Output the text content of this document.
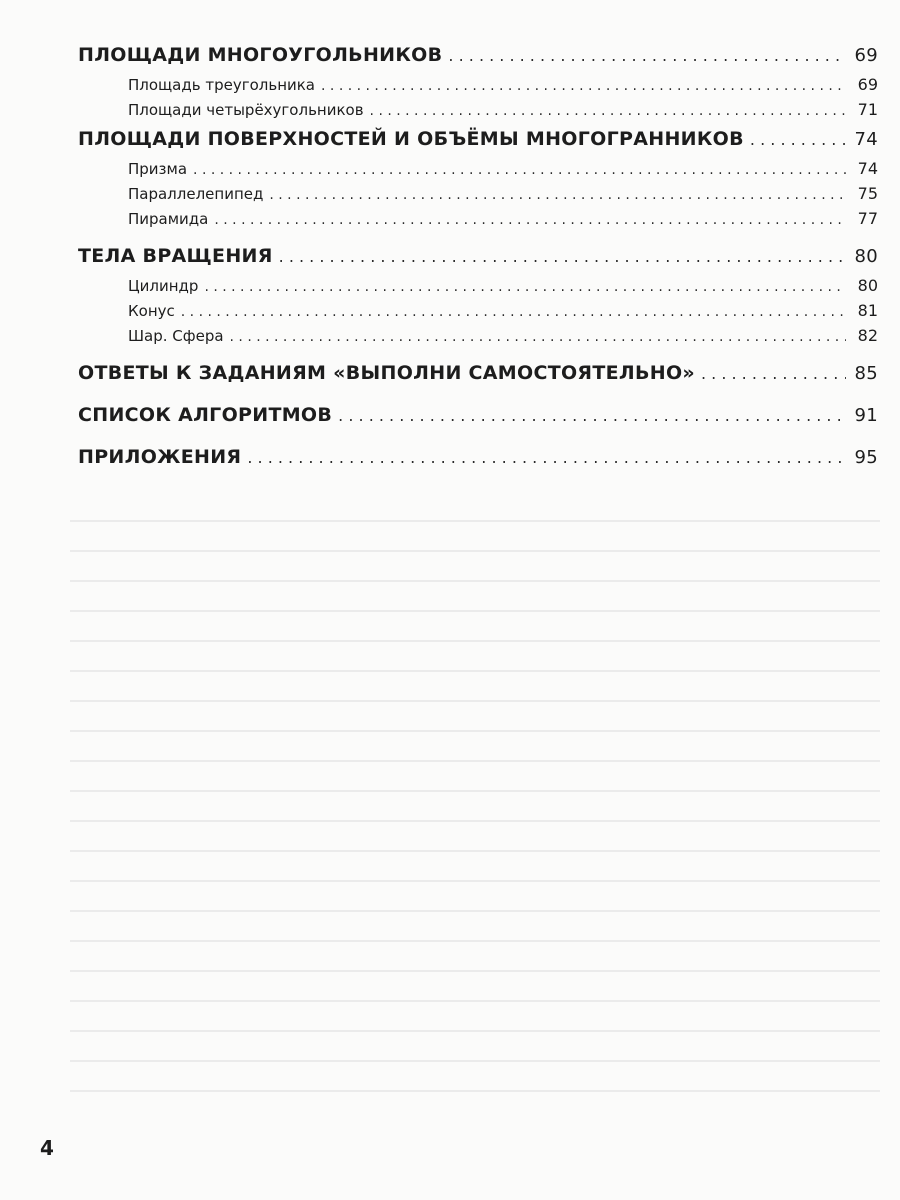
ПЛОЩАДИ МНОГОУГОЛЬНИКОВ . . .	69
Площадь треугольника . . .	69
Площади четырёхугольников . . .	71
ПЛОЩАДИ ПОВЕРХНОСТЕЙ И ОБЪЁМЫ МНОГОГРАННИКОВ . . .	74
Призма . . .	74
Параллелепипед . . .	75
Пирамида . . .	77
ТЕЛА ВРАЩЕНИЯ . . .	80
Цилиндр . . .	80
Конус . . .	81
Шар. Сфера . . .	82
ОТВЕТЫ К ЗАДАНИЯМ «ВЫПОЛНИ САМОСТОЯТЕЛЬНО» . . .	85
СПИСОК АЛГОРИТМОВ . . .	91
ПРИЛОЖЕНИЯ . . .	95
4
